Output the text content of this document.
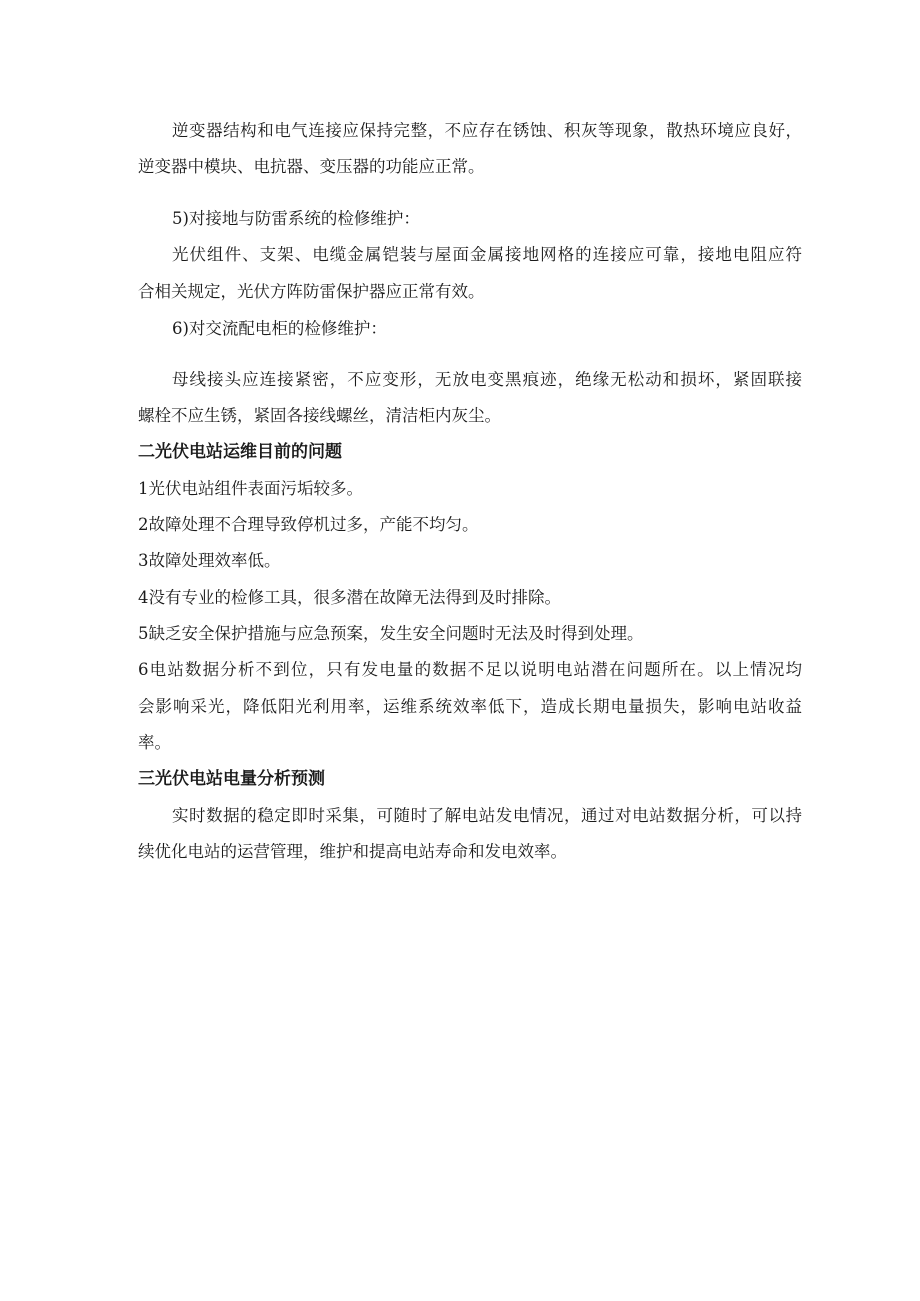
逆变器结构和电气连接应保持完整，不应存在锈蚀、积灰等现象，散热环境应良好，
逆变器中模块、电抗器、变压器的功能应正常。
5)对接地与防雷系统的检修维护：
光伏组件、支架、电缆金属铠装与屋面金属接地网格的连接应可靠，接地电阻应符
合相关规定，光伏方阵防雷保护器应正常有效。
6)对交流配电柜的检修维护：
母线接头应连接紧密，不应变形，无放电变黑痕迹，绝缘无松动和损坏，紧固联接
螺栓不应生锈，紧固各接线螺丝，清洁柜内灰尘。
二光伏电站运维目前的问题
1光伏电站组件表面污垢较多。
2故障处理不合理导致停机过多，产能不均匀。
3故障处理效率低。
4没有专业的检修工具，很多潜在故障无法得到及时排除。
5缺乏安全保护措施与应急预案，发生安全问题时无法及时得到处理。
6电站数据分析不到位，只有发电量的数据不足以说明电站潜在问题所在。以上情况均
会影响采光，降低阳光利用率，运维系统效率低下，造成长期电量损失，影响电站收益
率。
三光伏电站电量分析预测
实时数据的稳定即时采集，可随时了解电站发电情况，通过对电站数据分析，可以持
续优化电站的运营管理，维护和提高电站寿命和发电效率。
